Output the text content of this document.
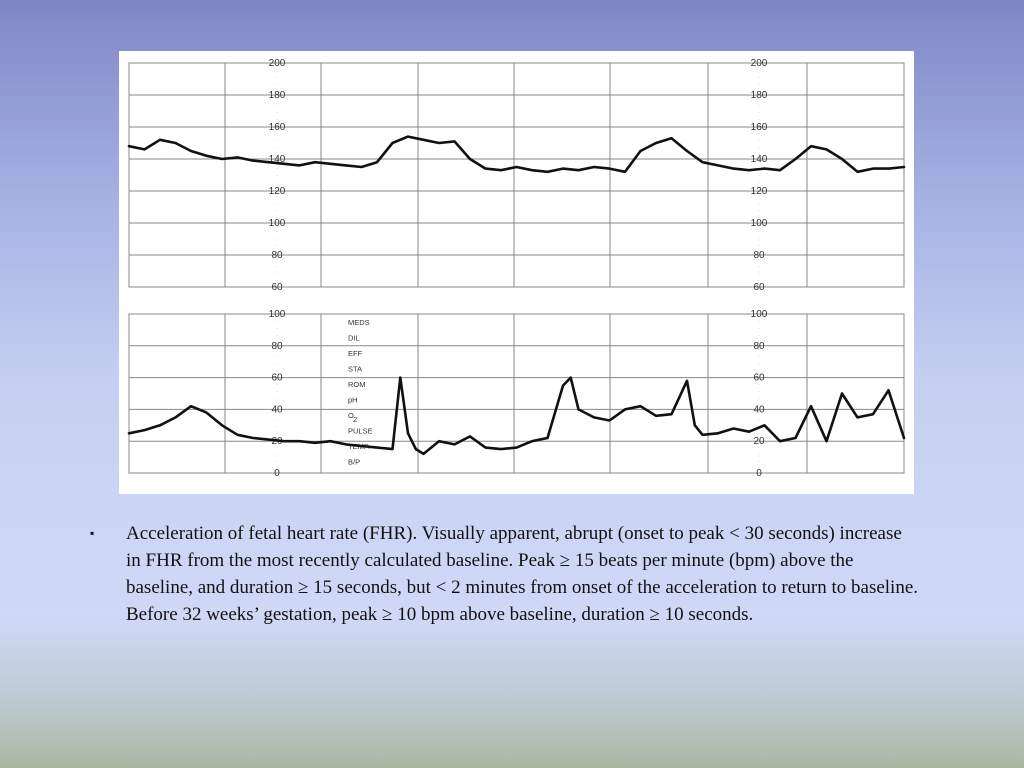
200	200
180	180
160	160
140	140
120	120
100	100
80	80
60	60
100	100
80	80
60	60
40	40
20	20
0	0
MEDS
DIL
EFF
STA
ROM
pH
O 2
PULSE
TEMP.
B/P
▪ Acceleration of fetal heart rate (FHR). Visually apparent, abrupt (onset to peak < 30 seconds) increase in FHR from the most recently calculated baseline. Peak ≥ 15 beats per minute (bpm) above the baseline, and duration ≥ 15 seconds, but < 2 minutes from onset of the acceleration to return to baseline. Before 32 weeks’ gestation, peak ≥ 10 bpm above baseline, duration ≥ 10 seconds.
